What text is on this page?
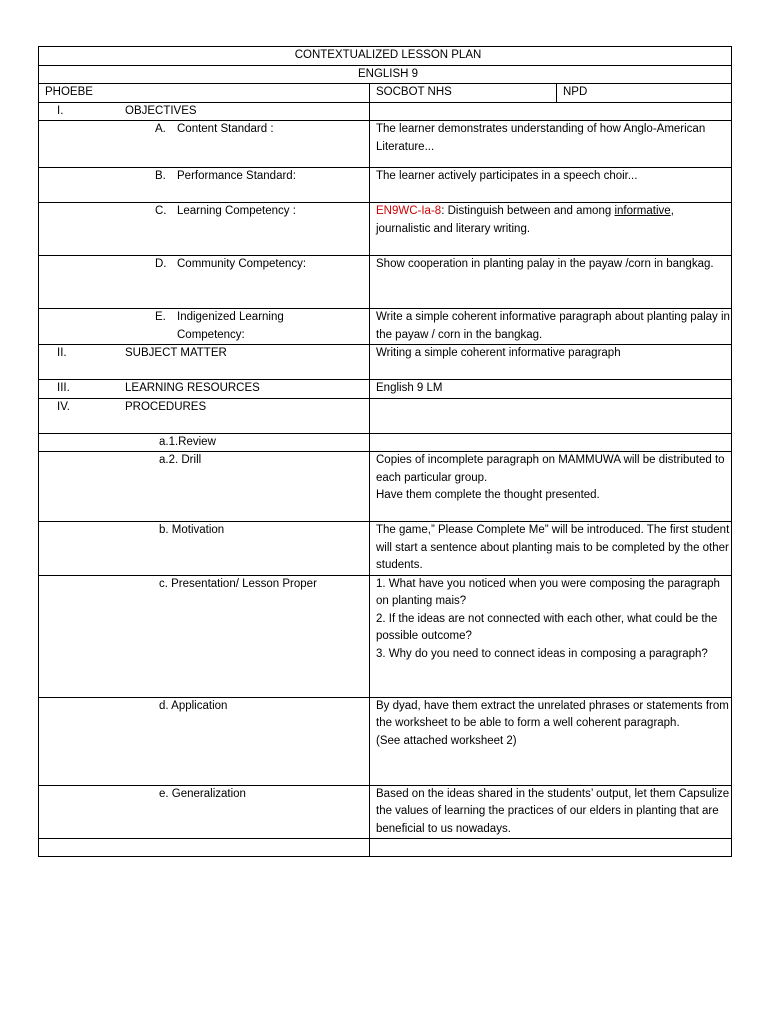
CONTEXTUALIZED LESSON PLAN		
ENGLISH 9		
PHOEBE	SOCBOT NHS	NPD
I. OBJECTIVES		

A. Content Standard :	The learner demonstrates understanding of how Anglo-American Literature...	

B. Performance Standard:	The learner actively participates in a speech choir...	

C. Learning Competency :	EN9WC-Ia-8: Distinguish between and among informative, journalistic and literary writing.	

D. Community Competency:	Show cooperation in planting palay in the payaw /corn in bangkag.	

E. Indigenized Learning Competency:	Write a simple coherent informative paragraph about planting palay in the payaw / corn in the bangkag.	
II. SUBJECT MATTER	Writing a simple coherent informative paragraph	
III. LEARNING RESOURCES	English 9 LM	
IV. PROCEDURES		
a.1.Review		
a.2. Drill	Copies of incomplete paragraph on MAMMUWA will be distributed to each particular group.
Have them complete the thought presented.	

b. Motivation	The game,” Please Complete Me” will be introduced. The first student will start a sentence about planting mais to be completed by the other students.	
c. Presentation/ Lesson Proper	1. What have you noticed when you were composing the paragraph on planting mais?
2. If the ideas are not connected with each other, what could be the possible outcome?
3. Why do you need to connect ideas in composing a paragraph?	

d. Application	By dyad, have them extract the unrelated phrases or statements from the worksheet to be able to form a well coherent paragraph.
(See attached worksheet 2)	

e. Generalization	Based on the ideas shared in the students’ output, let them Capsulize the values of learning the practices of our elders in planting that are beneficial to us nowadays.	
